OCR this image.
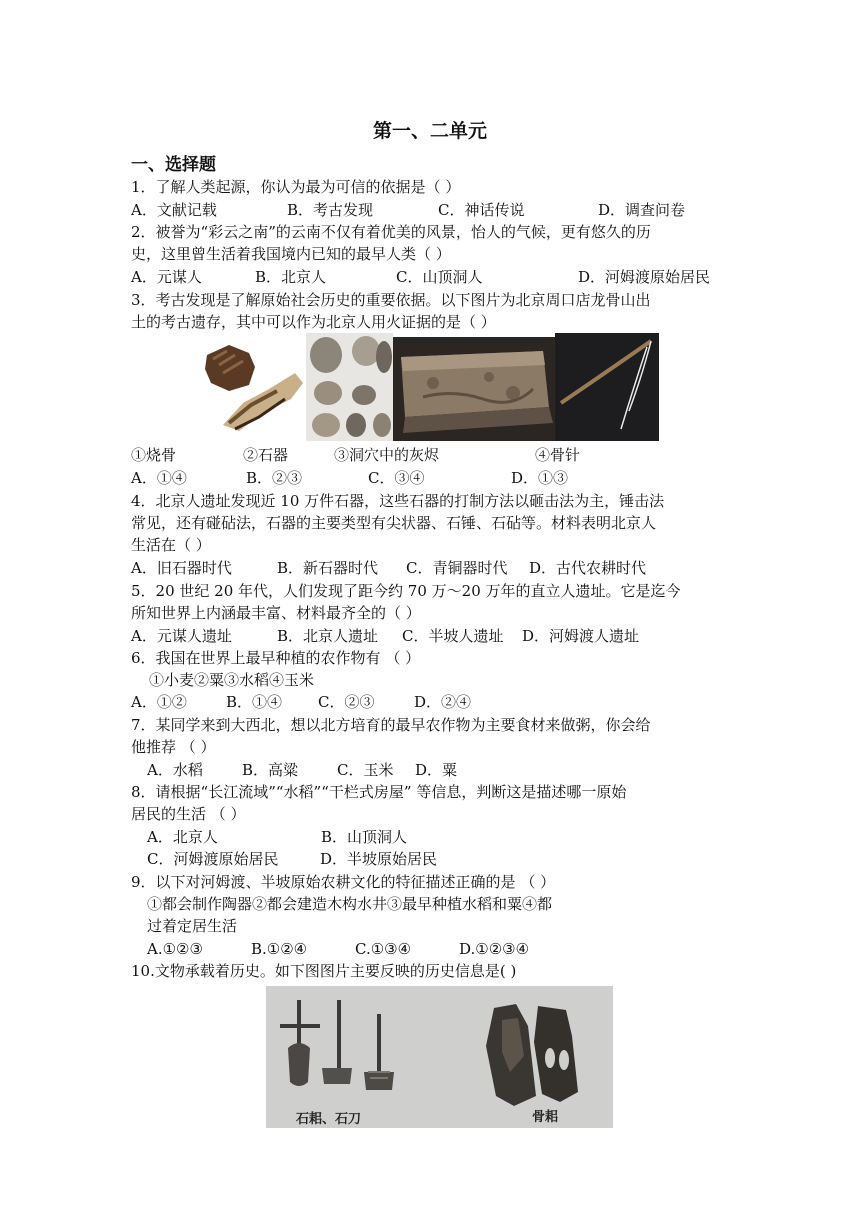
第一、二单元
一、选择题
1．了解人类起源，你认为最为可信的依据是（ ）
A．文献记载	B．考古发现	C．神话传说	D．调查问卷
2．被誉为“彩云之南”的云南不仅有着优美的风景，怡人的气候，更有悠久的历
史，这里曾生活着我国境内已知的最早人类（ ）
A．元谋人	B．北京人	C．山顶洞人	D．河姆渡原始居民
3．考古发现是了解原始社会历史的重要依据。以下图片为北京周口店龙骨山出
土的考古遗存，其中可以作为北京人用火证据的是（ ）
①烧骨	②石器	③洞穴中的灰烬	④骨针
A．①④	B．②③	C．③④	D．①③
4．北京人遗址发现近 10 万件石器，这些石器的打制方法以砸击法为主，锤击法
常见，还有碰砧法，石器的主要类型有尖状器、石锤、石砧等。材料表明北京人
生活在（ ）
A．旧石器时代	B．新石器时代 C．青铜器时代 D．古代农耕时代
5．20 世纪 20 年代，人们发现了距今约 70 万～20 万年的直立人遗址。它是迄今
所知世界上内涵最丰富、材料最齐全的（ ）
A．元谋人遗址	B．北京人遗址 C．半坡人遗址 D．河姆渡人遗址
6．我国在世界上最早种植的农作物有 （ ）
①小麦②粟③水稻④玉米
A．①②	B．①④ C．②③	D．②④
7．某同学来到大西北，想以北方培育的最早农作物为主要食材来做粥，你会给
他推荐 （ ）
A．水稻	B．高粱	C．玉米 D．粟
8．请根据“长江流域”“水稻”“干栏式房屋” 等信息，判断这是描述哪一原始
居民的生活 （ ）
A．北京人	B．山顶洞人
C．河姆渡原始居民	D．半坡原始居民
9．以下对河姆渡、半坡原始农耕文化的特征描述正确的是 （ ）
①都会制作陶器②都会建造木构水井③最早种植水稻和粟④都
过着定居生活
A.①②③	B.①②④	C.①③④	D.①②③④
10.文物承载着历史。如下图图片主要反映的历史信息是( )
石耜、石刀	骨耜
